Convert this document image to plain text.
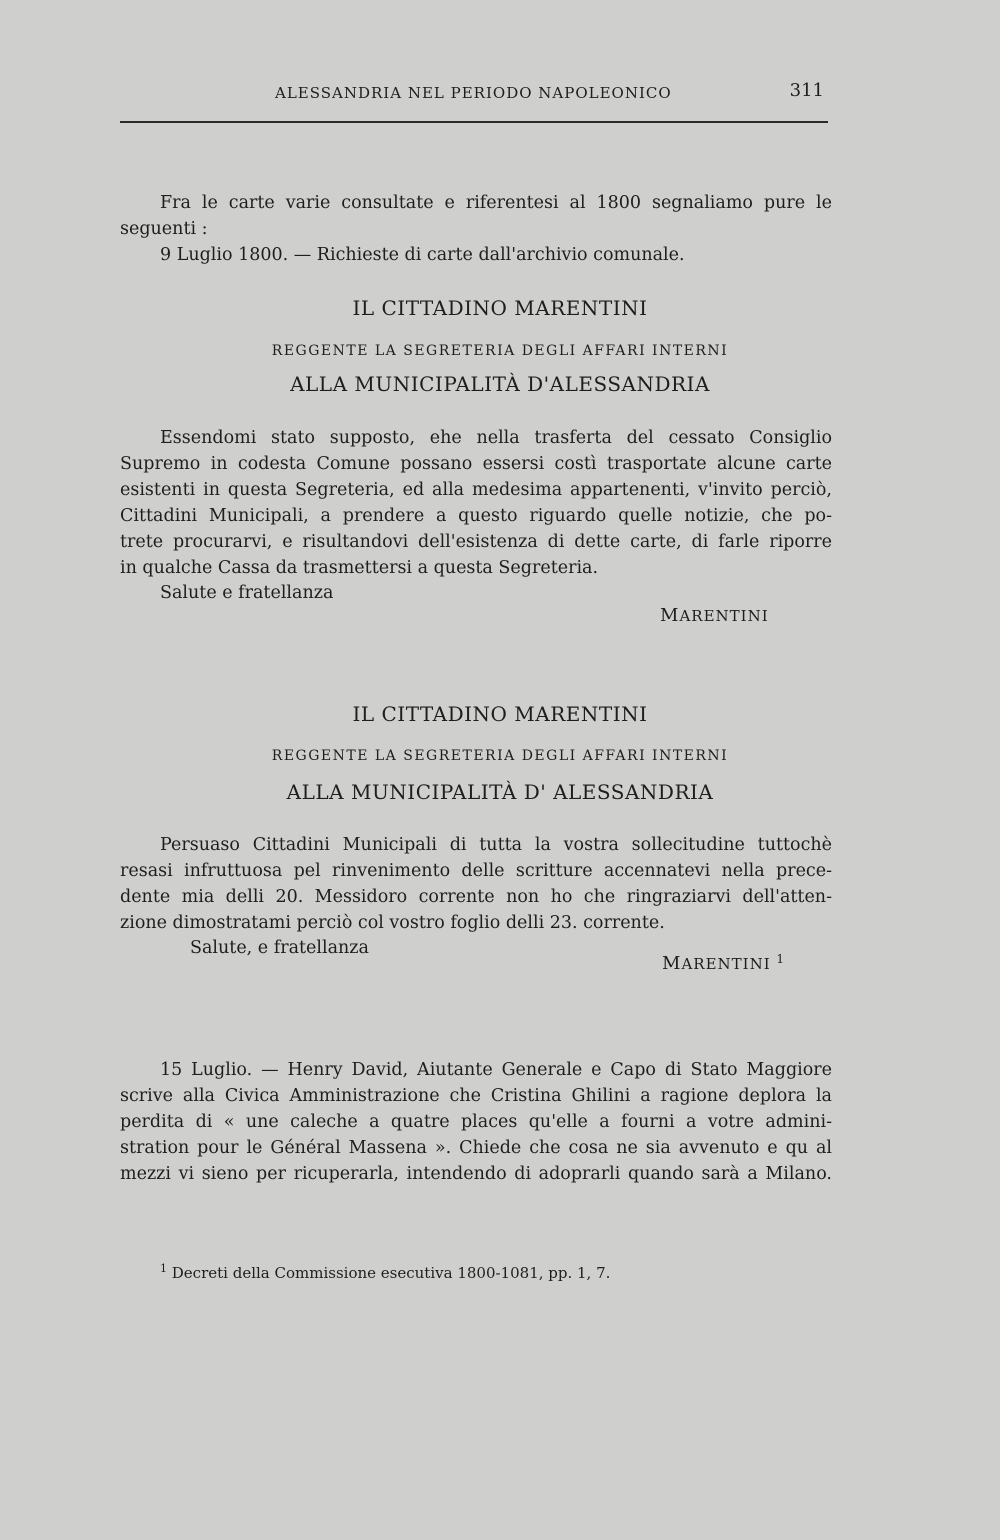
ALESSANDRIA NEL PERIODO NAPOLEONICO	311
Fra le carte varie consultate e riferentesi al 1800 segnaliamo pure le
seguenti :
9 Luglio 1800. — Richieste di carte dall'archivio comunale.
IL CITTADINO MARENTINI
REGGENTE LA SEGRETERIA DEGLI AFFARI INTERNI
ALLA MUNICIPALITÀ D'ALESSANDRIA
Essendomi stato supposto, ehe nella trasferta del cessato Consiglio
Supremo in codesta Comune possano essersi costì trasportate alcune carte
esistenti in questa Segreteria, ed alla medesima appartenenti, v'invito perciò,
Cittadini Municipali, a prendere a questo riguardo quelle notizie, che po-
trete procurarvi, e risultandovi dell'esistenza di dette carte, di farle riporre
in qualche Cassa da trasmettersi a questa Segreteria.
Salute e fratellanza
MARENTINI
IL CITTADINO MARENTINI
REGGENTE LA SEGRETERIA DEGLI AFFARI INTERNI
ALLA MUNICIPALITÀ D' ALESSANDRIA
Persuaso Cittadini Municipali di tutta la vostra sollecitudine tuttochè
resasi infruttuosa pel rinvenimento delle scritture accennatevi nella prece-
dente mia delli 20. Messidoro corrente non ho che ringraziarvi dell'atten-
zione dimostratami perciò col vostro foglio delli 23. corrente.
Salute, e fratellanza
MARENTINI $^1$
15 Luglio. — Henry David, Aiutante Generale e Capo di Stato Maggiore
scrive alla Civica Amministrazione che Cristina Ghilini a ragione deplora la
perdita di « une caleche a quatre places qu'elle a fourni a votre admini-
stration pour le Général Massena ». Chiede che cosa ne sia avvenuto e qu al
mezzi vi sieno per ricuperarla, intendendo di adoprarli quando sarà a Milano.
$^1$ Decreti della Commissione esecutiva 1800-1081, pp. 1, 7.
